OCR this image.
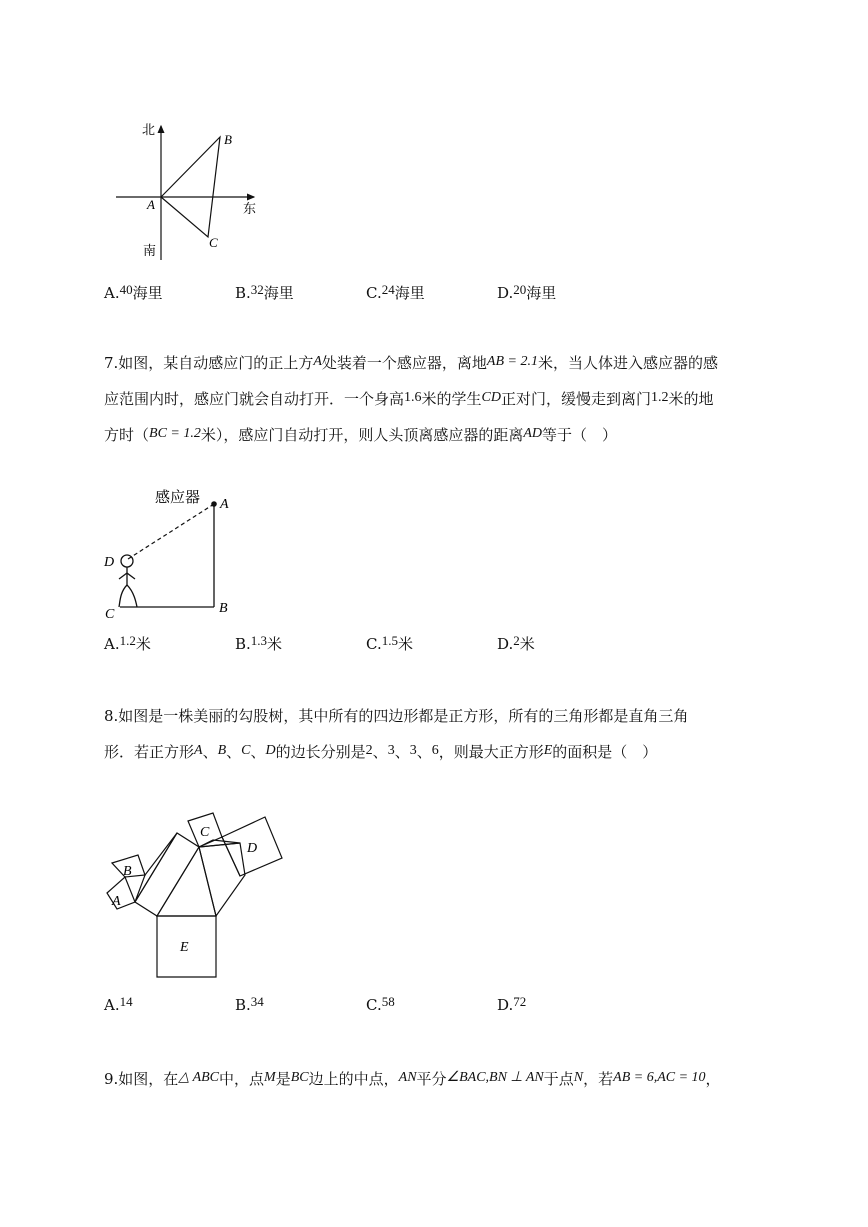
北
南
东
A
B
C
A.40海里	B.32海里	C.24海里	D.20海里
7.如图，某自动感应门的正上方A处装着一个感应器，离地AB = 2.1米，当人体进入感应器的感
应范围内时，感应门就会自动打开．一个身高1.6米的学生CD正对门，缓慢走到离门1.2米的地
方时（BC = 1.2米），感应门自动打开，则人头顶离感应器的距离AD等于（　）
感应器 A
B
C
D
A.1.2米	B.1.3米	C.1.5米	D.2米
8.如图是一株美丽的勾股树，其中所有的四边形都是正方形，所有的三角形都是直角三角
形．若正方形A、B、C、D的边长分别是2、3、3、6，则最大正方形E的面积是（　）
A
B
C
D
E
A.14	B.34	C.58	D.72
9.如图，在△ ABC中，点M是BC边上的中点，AN平分∠BAC,BN ⊥ AN于点N，若AB = 6,AC = 10，
